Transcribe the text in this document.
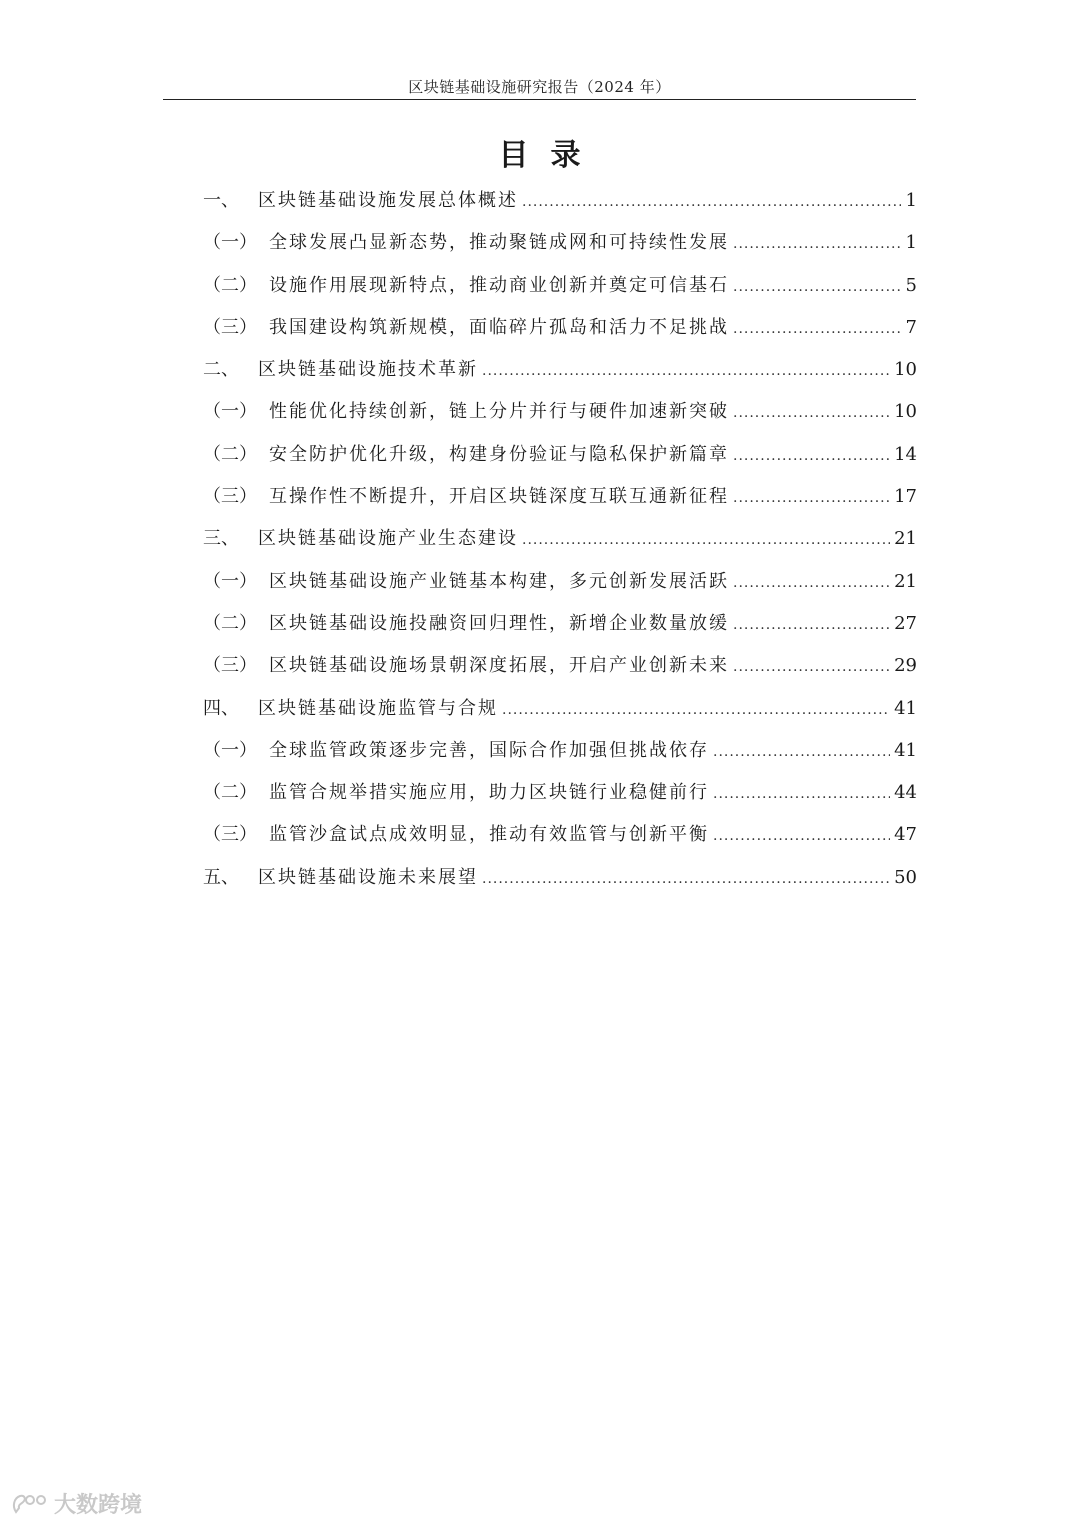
区块链基础设施研究报告（2024 年）
目录
一、	区块链基础设施发展总体概述 .....	1
（一） 全球发展凸显新态势，推动聚链成网和可持续性发展 .....	1
（二） 设施作用展现新特点，推动商业创新并奠定可信基石 .....	5
（三） 我国建设构筑新规模，面临碎片孤岛和活力不足挑战 .....	7
二、	区块链基础设施技术革新 .....	10
（一） 性能优化持续创新，链上分片并行与硬件加速新突破 .....	10
（二） 安全防护优化升级，构建身份验证与隐私保护新篇章 .....	14
（三） 互操作性不断提升，开启区块链深度互联互通新征程 .....	17
三、	区块链基础设施产业生态建设 .....	21
（一） 区块链基础设施产业链基本构建，多元创新发展活跃 .....	21
（二） 区块链基础设施投融资回归理性，新增企业数量放缓 .....	27
（三） 区块链基础设施场景朝深度拓展，开启产业创新未来 .....	29
四、	区块链基础设施监管与合规 .....	41
（一） 全球监管政策逐步完善，国际合作加强但挑战依存 .....	41
（二） 监管合规举措实施应用，助力区块链行业稳健前行 .....	44
（三） 监管沙盒试点成效明显，推动有效监管与创新平衡 .....	47
五、	区块链基础设施未来展望 .....	50
大数跨境
